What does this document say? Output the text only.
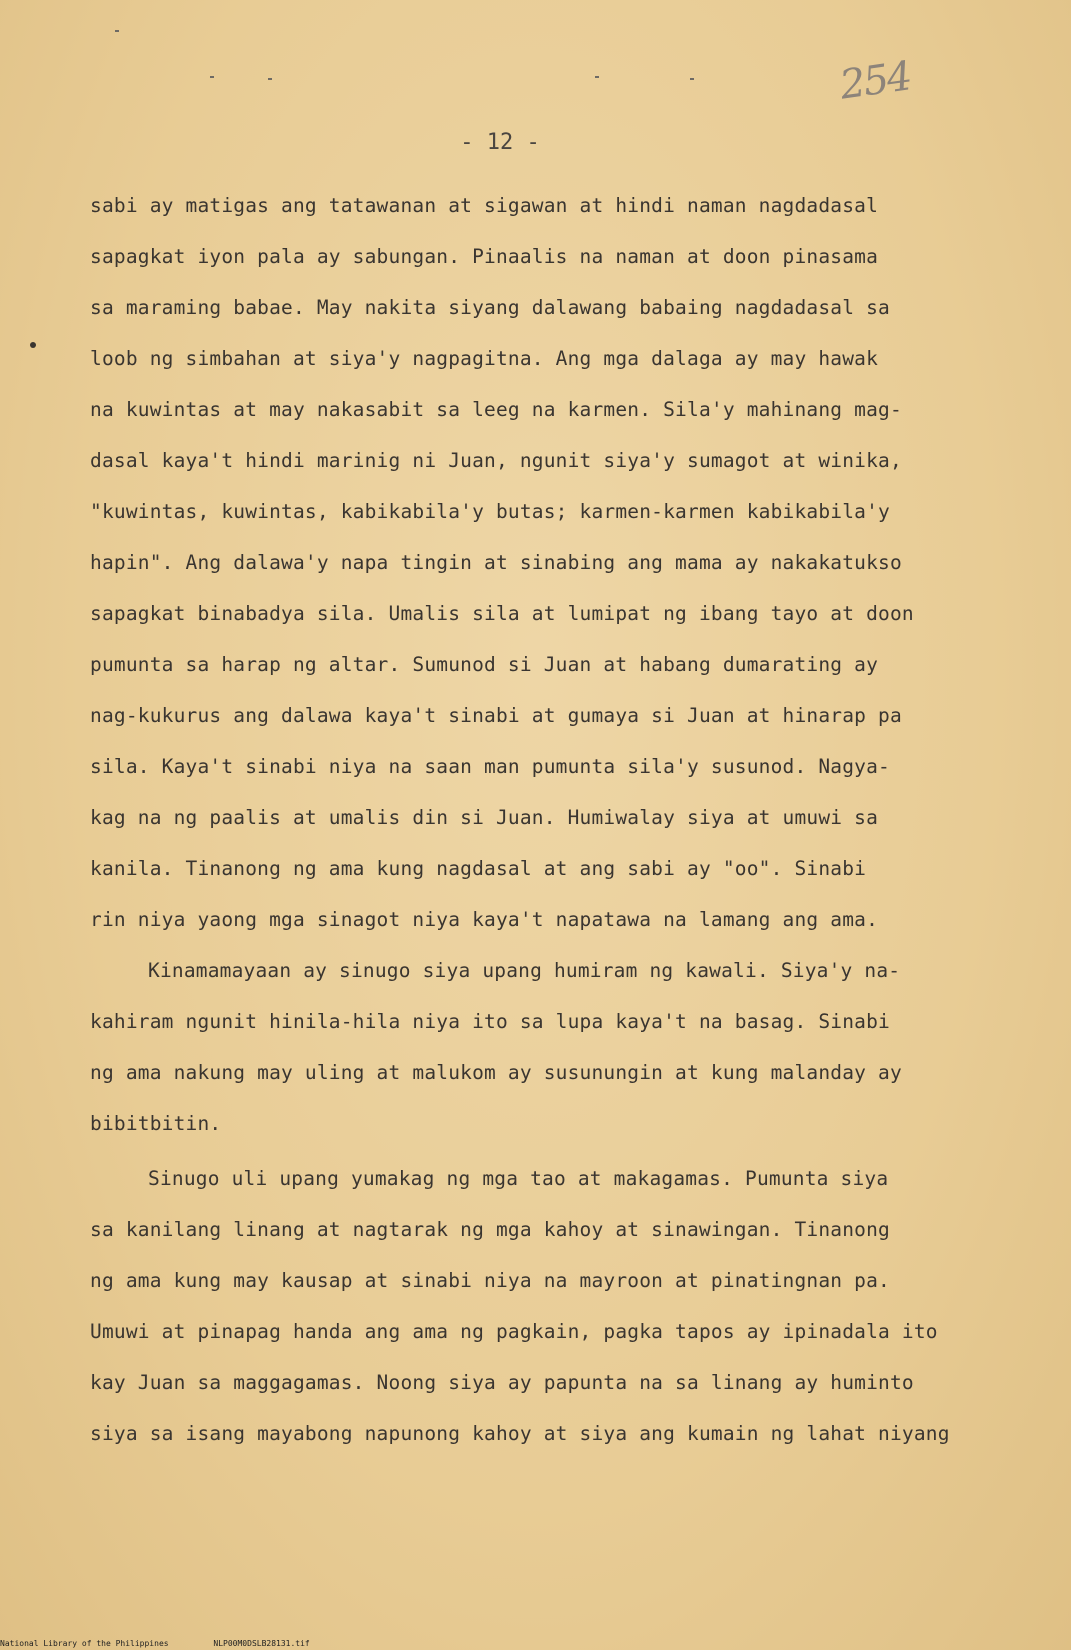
254
- 12 -
sabi ay matigas ang tatawanan at sigawan at hindi naman nagdadasal
sapagkat iyon pala ay sabungan. Pinaalis na naman at doon pinasama
sa maraming babae. May nakita siyang dalawang babaing nagdadasal sa
loob ng simbahan at siya'y nagpagitna. Ang mga dalaga ay may hawak
na kuwintas at may nakasabit sa leeg na karmen. Sila'y mahinang mag-
dasal kaya't hindi marinig ni Juan, ngunit siya'y sumagot at winika,
"kuwintas, kuwintas, kabikabila'y butas; karmen-karmen kabikabila'y
hapin". Ang dalawa'y napa tingin at sinabing ang mama ay nakakatukso
sapagkat binabadya sila. Umalis sila at lumipat ng ibang tayo at doon
pumunta sa harap ng altar. Sumunod si Juan at habang dumarating ay
nag-kukurus ang dalawa kaya't sinabi at gumaya si Juan at hinarap pa
sila. Kaya't sinabi niya na saan man pumunta sila'y susunod. Nagya-
kag na ng paalis at umalis din si Juan. Humiwalay siya at umuwi sa
kanila. Tinanong ng ama kung nagdasal at ang sabi ay "oo". Sinabi
rin niya yaong mga sinagot niya kaya't napatawa na lamang ang ama.
Kinamamayaan ay sinugo siya upang humiram ng kawali. Siya'y na-
kahiram ngunit hinila-hila niya ito sa lupa kaya't na basag. Sinabi
ng ama nakung may uling at malukom ay susunungin at kung malanday ay
bibitbitin.
Sinugo uli upang yumakag ng mga tao at makagamas. Pumunta siya
sa kanilang linang at nagtarak ng mga kahoy at sinawingan. Tinanong
ng ama kung may kausap at sinabi niya na mayroon at pinatingnan pa.
Umuwi at pinapag handa ang ama ng pagkain, pagka tapos ay ipinadala ito
kay Juan sa maggagamas. Noong siya ay papunta na sa linang ay huminto
siya sa isang mayabong napunong kahoy at siya ang kumain ng lahat niyang
National Library of the Philippines	NLP00M0DSLB28131.tif
